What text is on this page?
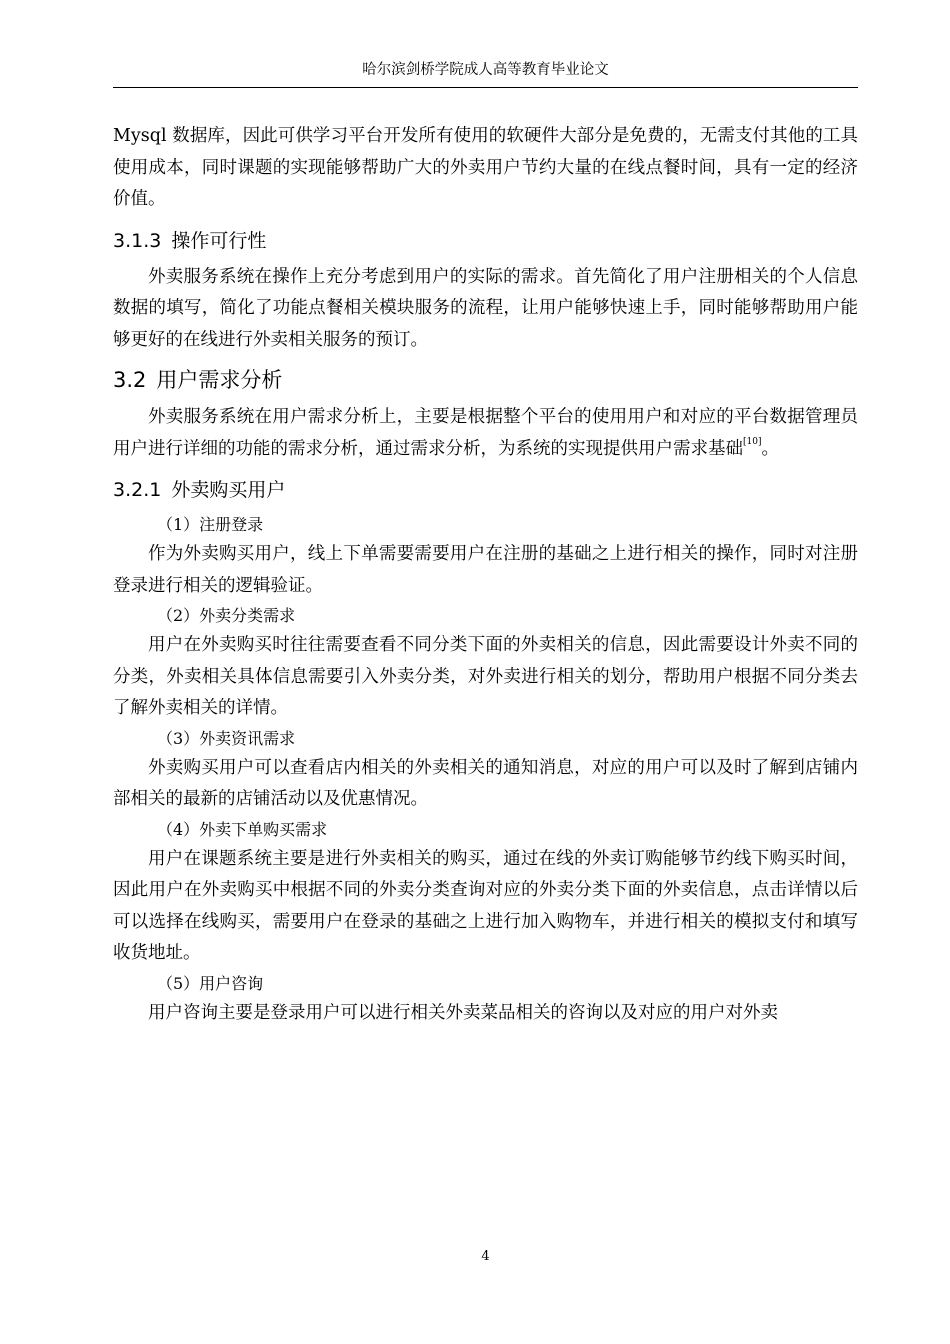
哈尔滨剑桥学院成人高等教育毕业论文

Mysql 数据库，因此可供学习平台开发所有使用的软硬件大部分是免费的，无需支付其他的工具使用成本，同时课题的实现能够帮助广大的外卖用户节约大量的在线点餐时间，具有一定的经济价值。

3.1.3 操作可行性

外卖服务系统在操作上充分考虑到用户的实际的需求。首先简化了用户注册相关的个人信息数据的填写，简化了功能点餐相关模块服务的流程，让用户能够快速上手，同时能够帮助用户能够更好的在线进行外卖相关服务的预订。

3.2 用户需求分析

外卖服务系统在用户需求分析上，主要是根据整个平台的使用用户和对应的平台数据管理员用户进行详细的功能的需求分析，通过需求分析，为系统的实现提供用户需求基础[10]。

3.2.1 外卖购买用户

（1）注册登录

作为外卖购买用户，线上下单需要需要用户在注册的基础之上进行相关的操作，同时对注册登录进行相关的逻辑验证。

（2）外卖分类需求

用户在外卖购买时往往需要查看不同分类下面的外卖相关的信息，因此需要设计外卖不同的分类，外卖相关具体信息需要引入外卖分类，对外卖进行相关的划分，帮助用户根据不同分类去了解外卖相关的详情。

（3）外卖资讯需求

外卖购买用户可以查看店内相关的外卖相关的通知消息，对应的用户可以及时了解到店铺内部相关的最新的店铺活动以及优惠情况。

（4）外卖下单购买需求

用户在课题系统主要是进行外卖相关的购买，通过在线的外卖订购能够节约线下购买时间，因此用户在外卖购买中根据不同的外卖分类查询对应的外卖分类下面的外卖信息，点击详情以后可以选择在线购买，需要用户在登录的基础之上进行加入购物车，并进行相关的模拟支付和填写收货地址。

（5）用户咨询

用户咨询主要是登录用户可以进行相关外卖菜品相关的咨询以及对应的用户对外卖

4
